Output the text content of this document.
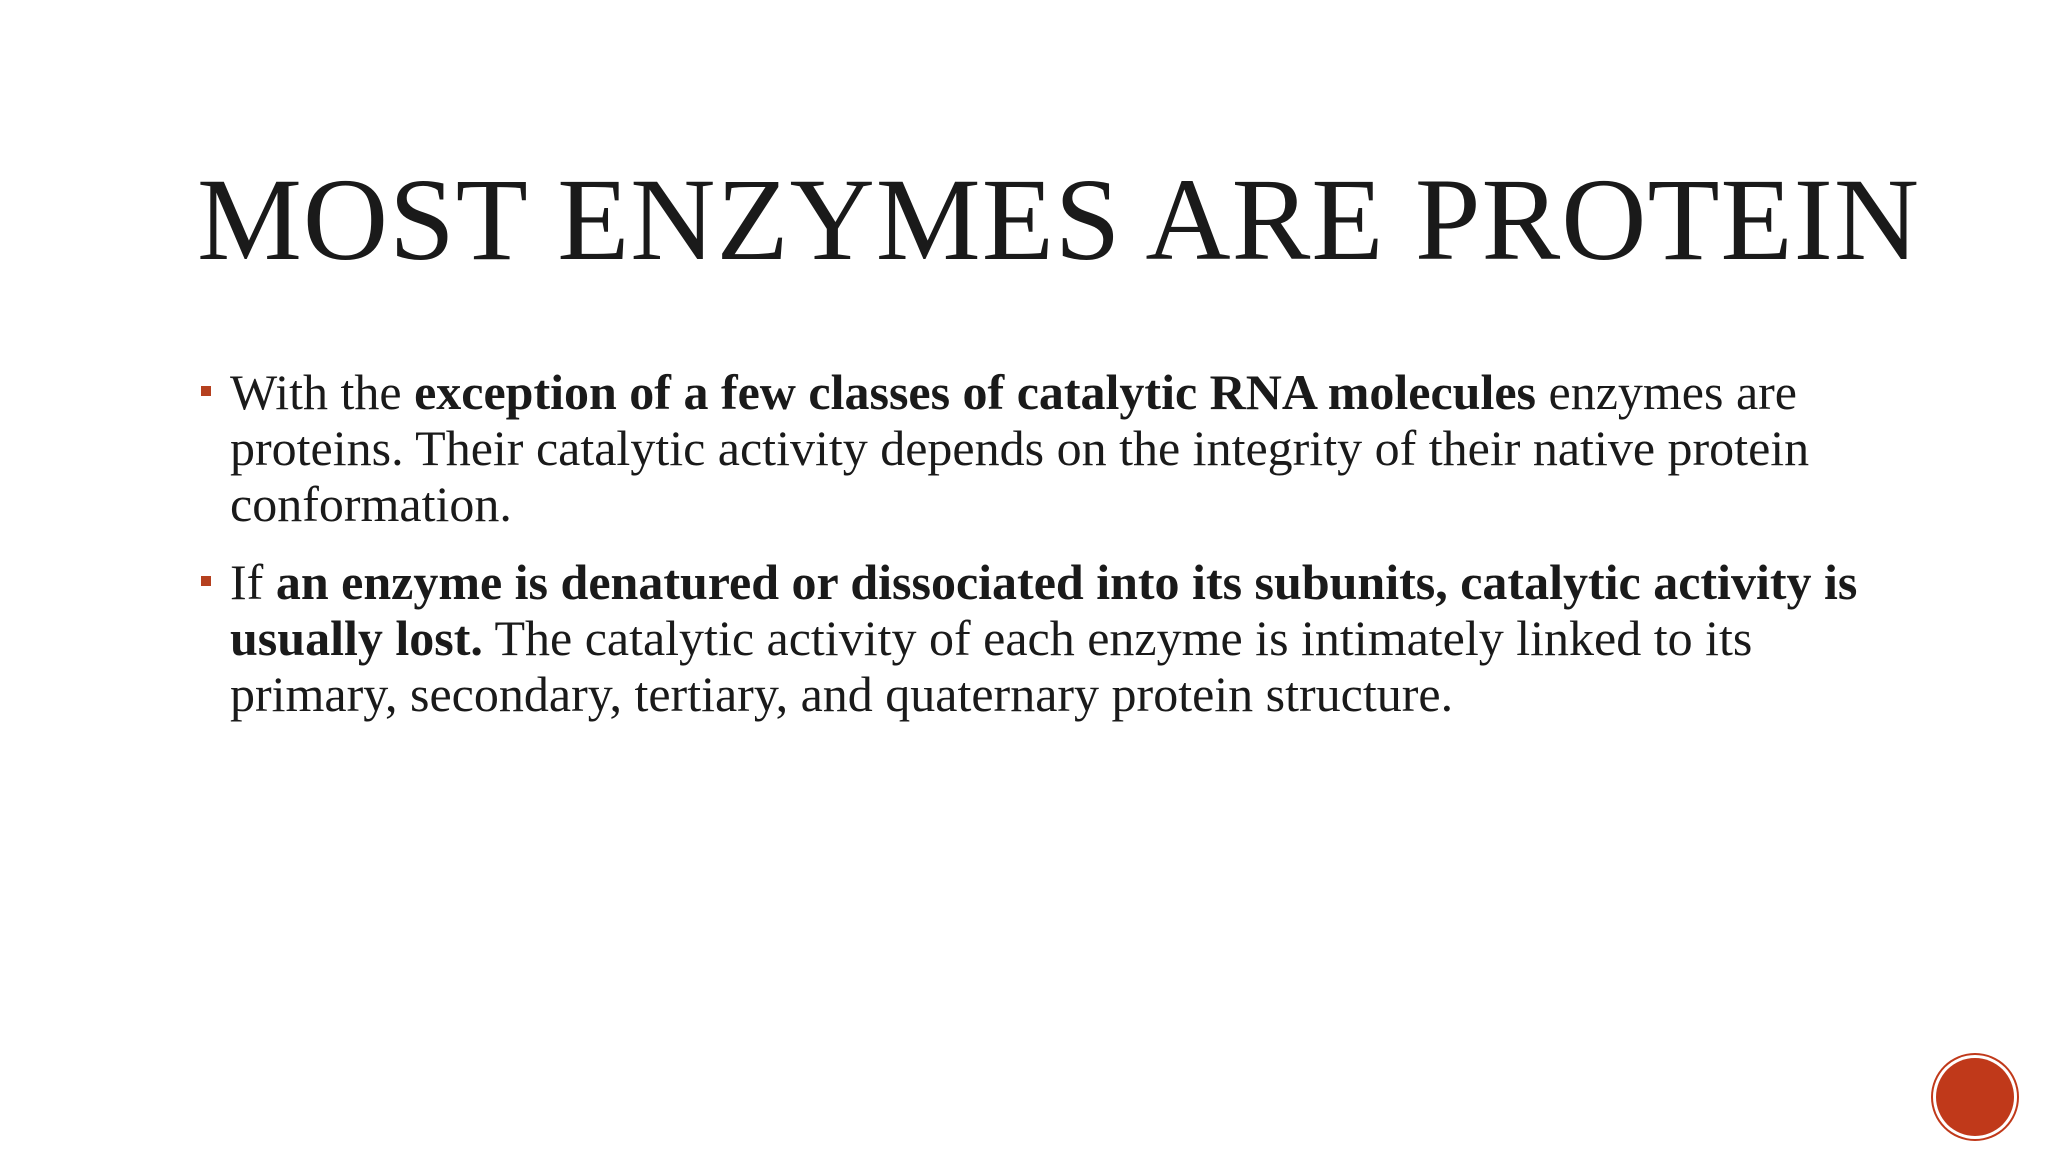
MOST ENZYMES ARE PROTEIN
With the exception of a few classes of catalytic RNA molecules enzymes are proteins. Their catalytic activity depends on the integrity of their native protein conformation.
If an enzyme is denatured or dissociated into its subunits, catalytic activity is usually lost. The catalytic activity of each enzyme is intimately linked to its primary, secondary, tertiary, and quaternary protein structure.
